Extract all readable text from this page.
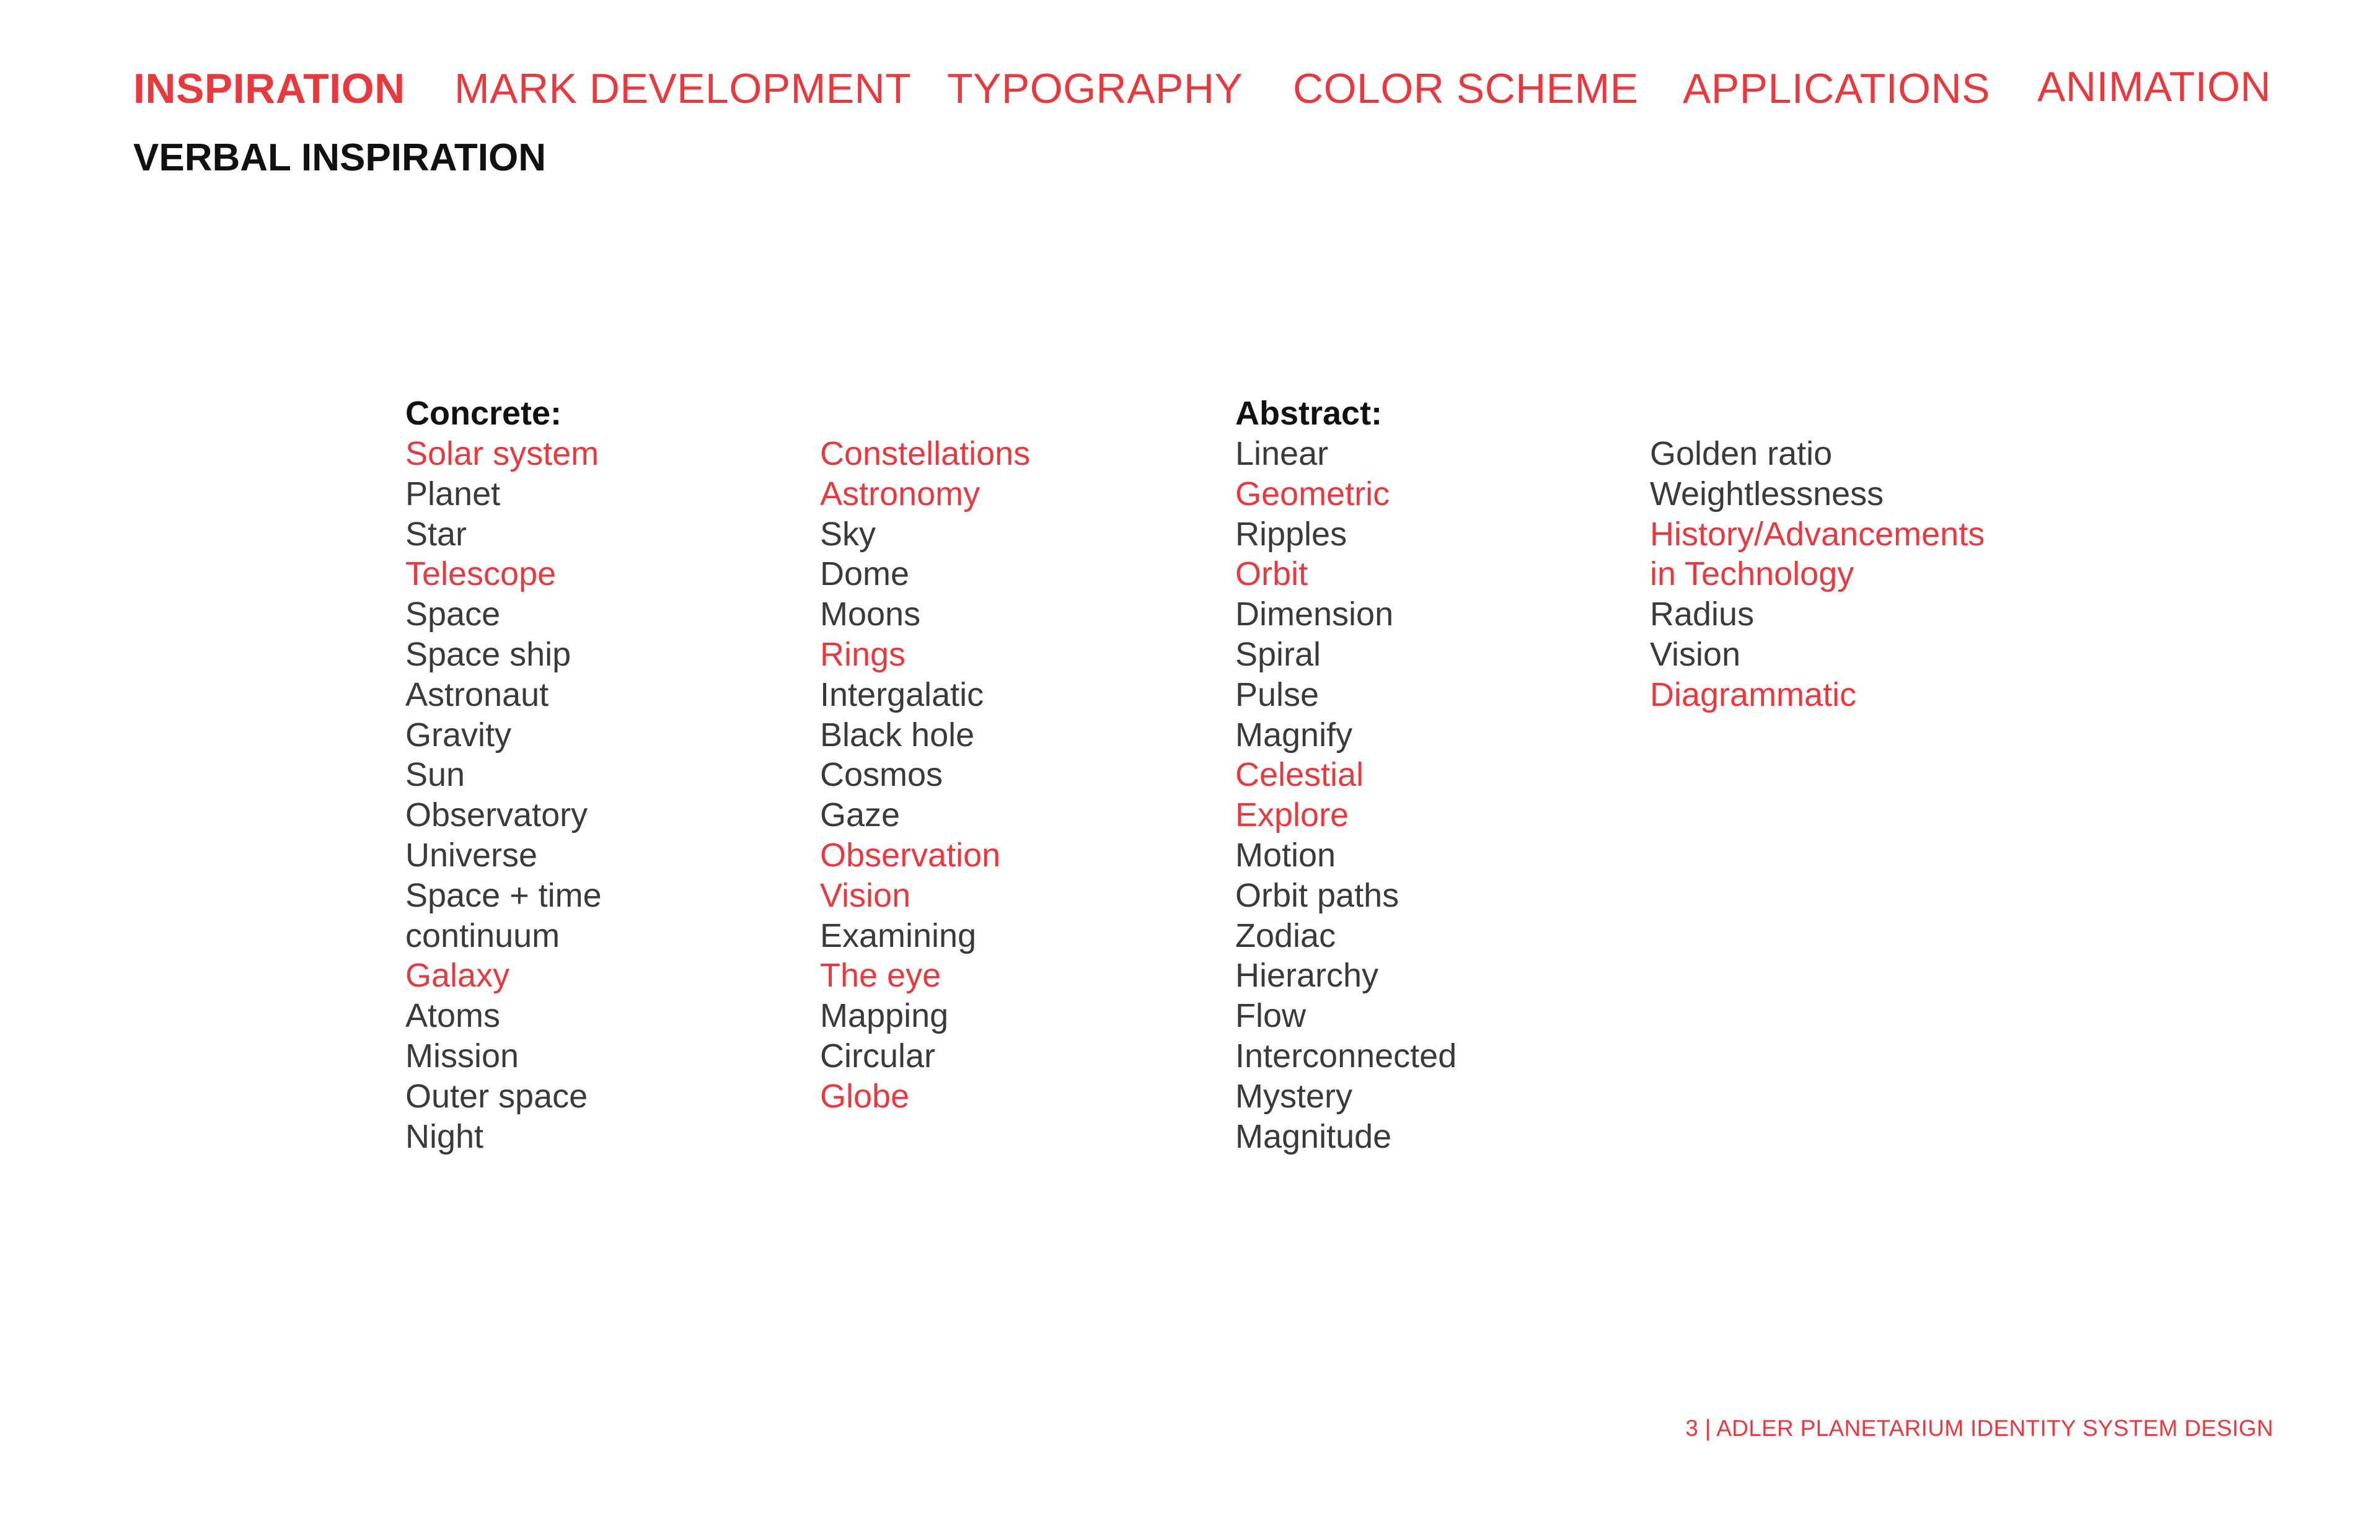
INSPIRATION MARK DEVELOPMENT TYPOGRAPHY COLOR SCHEME APPLICATIONS ANIMATION
VERBAL INSPIRATION
Concrete:
Solar system
Planet
Star
Telescope
Space
Space ship
Astronaut
Gravity
Sun
Observatory
Universe
Space + time
continuum
Galaxy
Atoms
Mission
Outer space
Night
Constellations
Astronomy
Sky
Dome
Moons
Rings
Intergalatic
Black hole
Cosmos
Gaze
Observation
Vision
Examining
The eye
Mapping
Circular
Globe
Abstract:
Linear
Geometric
Ripples
Orbit
Dimension
Spiral
Pulse
Magnify
Celestial
Explore
Motion
Orbit paths
Zodiac
Hierarchy
Flow
Interconnected
Mystery
Magnitude
Golden ratio
Weightlessness
History/Advancements
in Technology
Radius
Vision
Diagrammatic
3 | ADLER PLANETARIUM IDENTITY SYSTEM DESIGN
